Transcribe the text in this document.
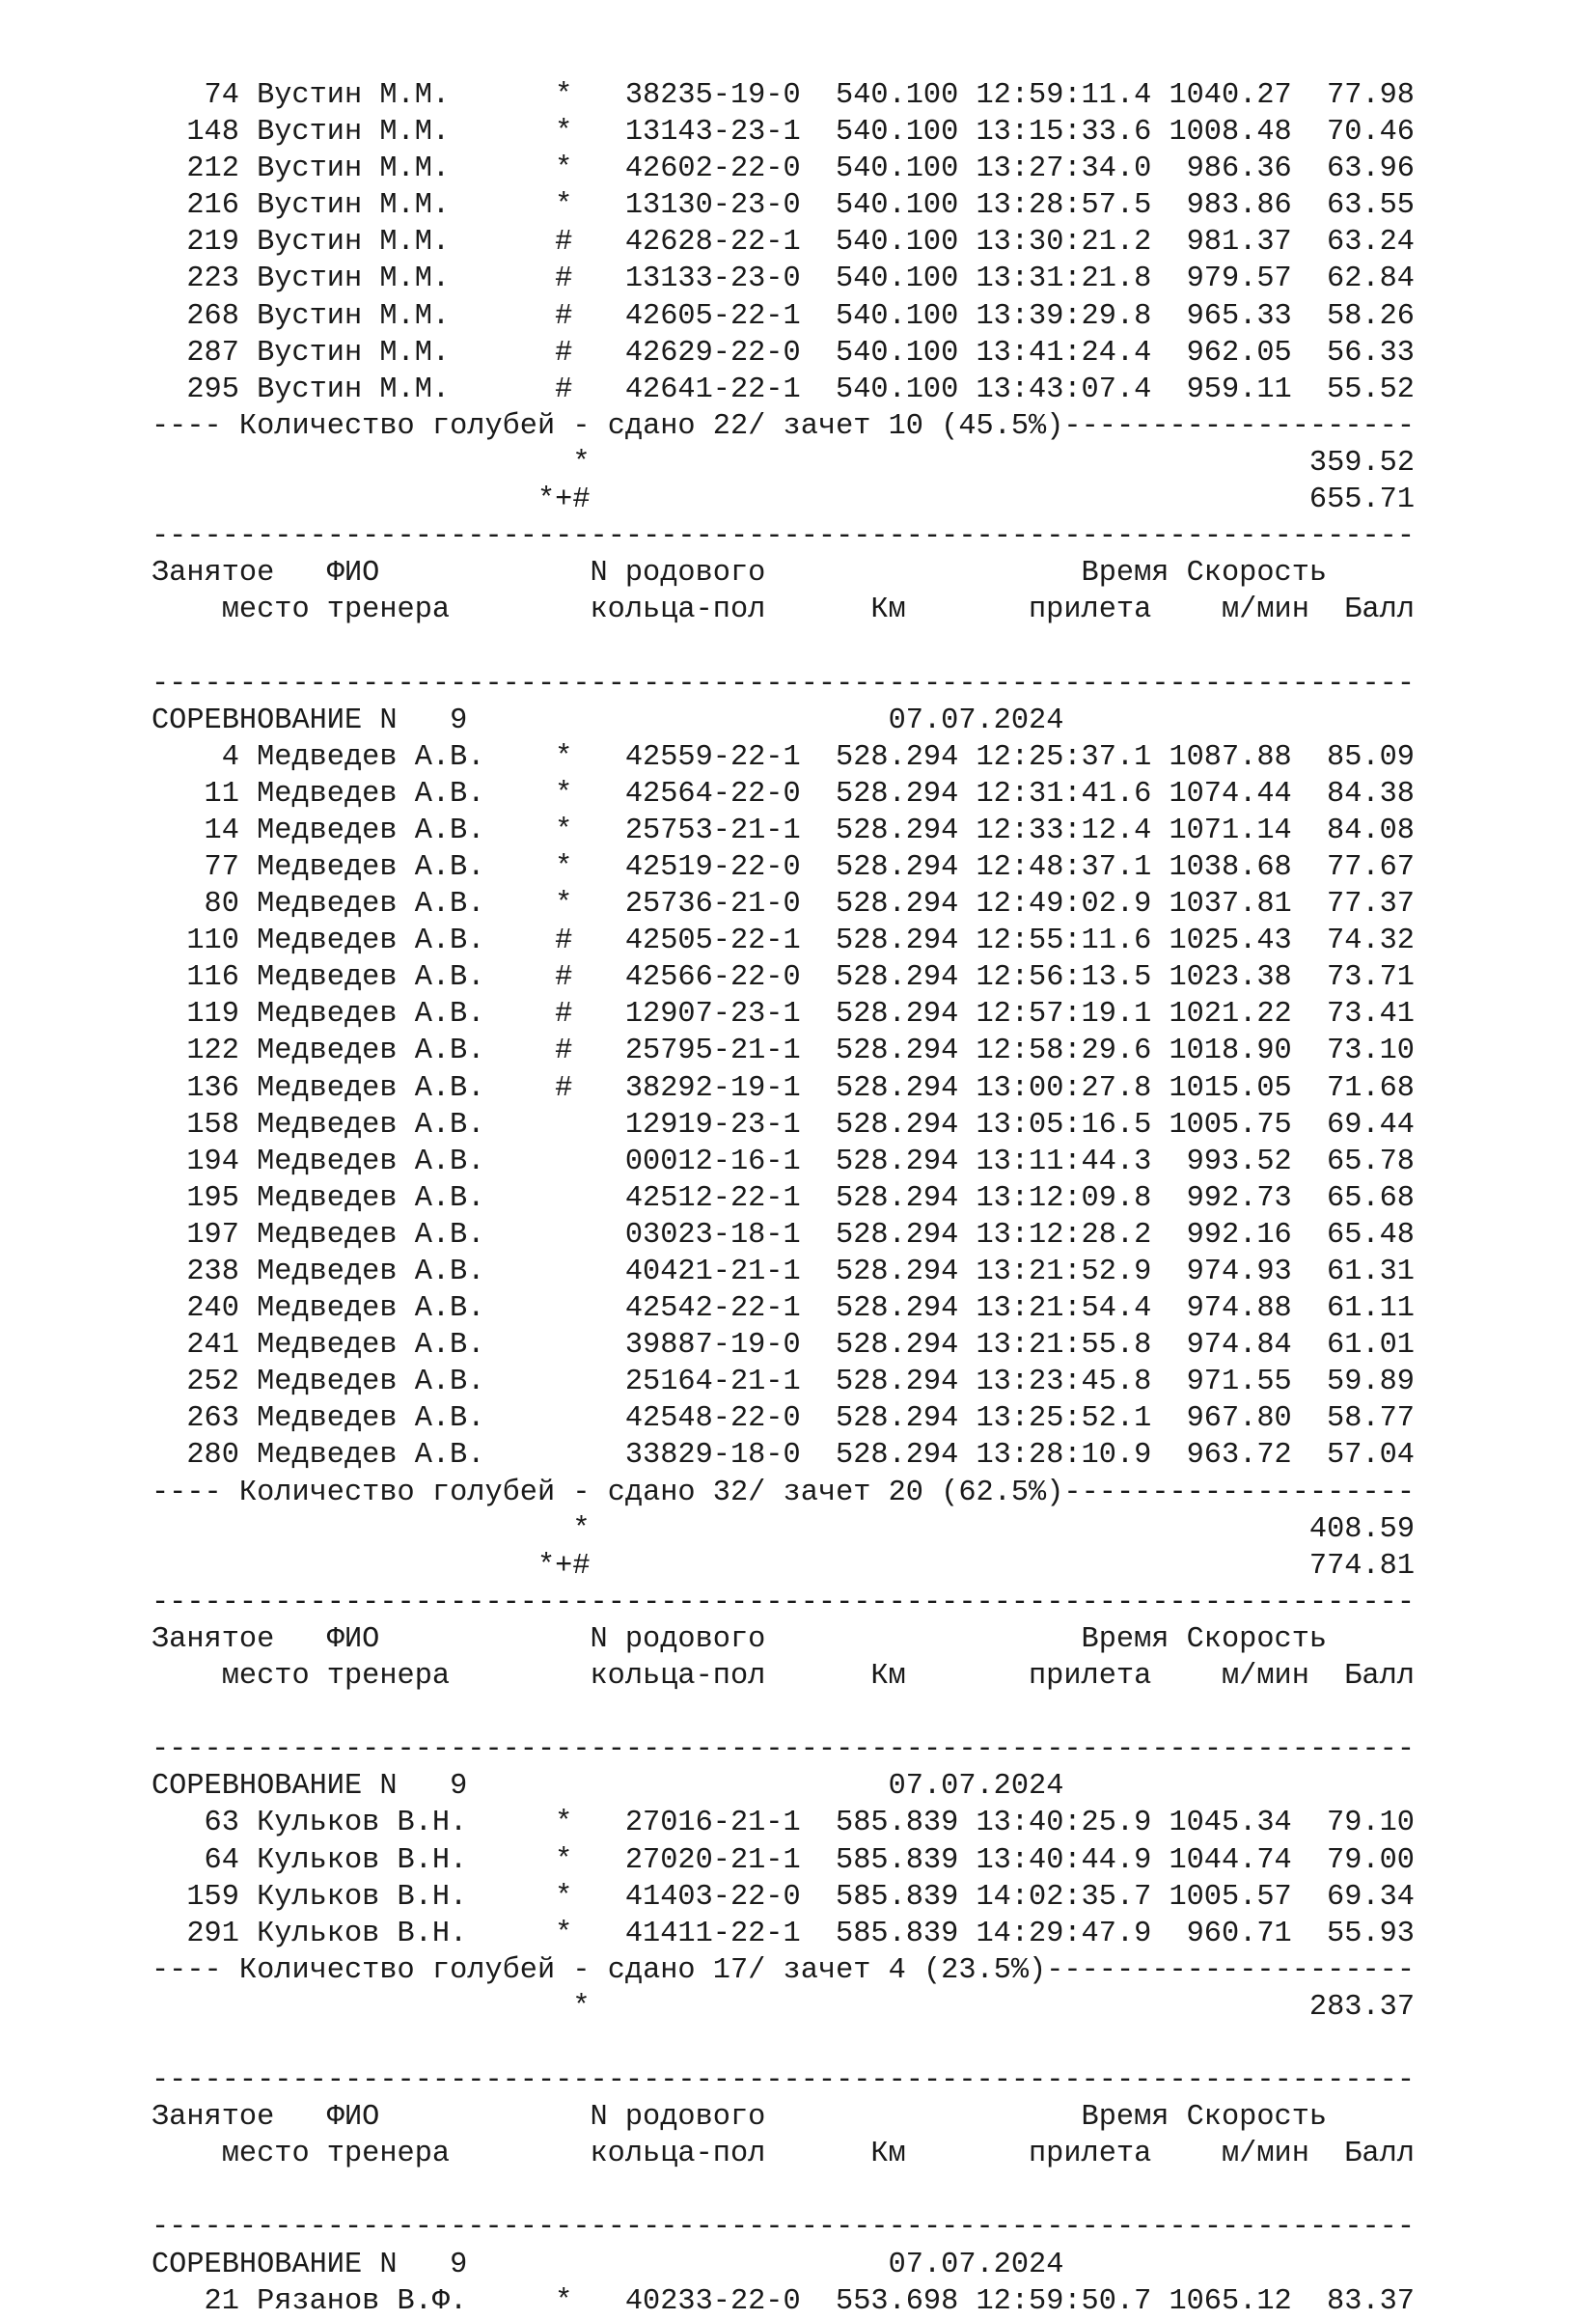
74 Вустин М.М.	* 38235-19-0 540.100 12:59:11.4 1040.27 77.98
148 Вустин М.М.	* 13143-23-1 540.100 13:15:33.6 1008.48 70.46
212 Вустин М.М.	* 42602-22-0 540.100 13:27:34.0 986.36 63.96
216 Вустин М.М.	* 13130-23-0 540.100 13:28:57.5 983.86 63.55
219 Вустин М.М.	# 42628-22-1 540.100 13:30:21.2 981.37 63.24
223 Вустин М.М.	# 13133-23-0 540.100 13:31:21.8 979.57 62.84
268 Вустин М.М.	# 42605-22-1 540.100 13:39:29.8 965.33 58.26
287 Вустин М.М.	# 42629-22-0 540.100 13:41:24.4 962.05 56.33
295 Вустин М.М.	# 42641-22-1 540.100 13:43:07.4 959.11 55.52
---- Количество голубей - сдано 22/ зачет 10 (45.5%)--------------------
*	359.52
*+#	655.71
------------------------------------------------------------------------
Занятое ФИО	N родового	Время Скорость
место тренера	кольца-пол	Км	прилета м/мин Балл
------------------------------------------------------------------------
СОРЕВНОВАНИЕ N   9	07.07.2024
4 Медведев А.В. * 42559-22-1 528.294 12:25:37.1 1087.88 85.09
11 Медведев А.В. * 42564-22-0 528.294 12:31:41.6 1074.44 84.38
14 Медведев А.В. * 25753-21-1 528.294 12:33:12.4 1071.14 84.08
77 Медведев А.В. * 42519-22-0 528.294 12:48:37.1 1038.68 77.67
80 Медведев А.В. * 25736-21-0 528.294 12:49:02.9 1037.81 77.37
110 Медведев А.В. # 42505-22-1 528.294 12:55:11.6 1025.43 74.32
116 Медведев А.В. # 42566-22-0 528.294 12:56:13.5 1023.38 73.71
119 Медведев А.В. # 12907-23-1 528.294 12:57:19.1 1021.22 73.41
122 Медведев А.В. # 25795-21-1 528.294 12:58:29.6 1018.90 73.10
136 Медведев А.В. # 38292-19-1 528.294 13:00:27.8 1015.05 71.68
158 Медведев А.В.	12919-23-1 528.294 13:05:16.5 1005.75 69.44
194 Медведев А.В.	00012-16-1 528.294 13:11:44.3 993.52 65.78
195 Медведев А.В.	42512-22-1 528.294 13:12:09.8 992.73 65.68
197 Медведев А.В.	03023-18-1 528.294 13:12:28.2 992.16 65.48
238 Медведев А.В.	40421-21-1 528.294 13:21:52.9 974.93 61.31
240 Медведев А.В.	42542-22-1 528.294 13:21:54.4 974.88 61.11
241 Медведев А.В.	39887-19-0 528.294 13:21:55.8 974.84 61.01
252 Медведев А.В.	25164-21-1 528.294 13:23:45.8 971.55 59.89
263 Медведев А.В.	42548-22-0 528.294 13:25:52.1 967.80 58.77
280 Медведев А.В.	33829-18-0 528.294 13:28:10.9 963.72 57.04
---- Количество голубей - сдано 32/ зачет 20 (62.5%)--------------------
*	408.59
*+#	774.81
------------------------------------------------------------------------
Занятое ФИО	N родового	Время Скорость
место тренера	кольца-пол	Км	прилета м/мин Балл
------------------------------------------------------------------------
СОРЕВНОВАНИЕ N   9	07.07.2024
63 Кульков В.Н.	* 27016-21-1 585.839 13:40:25.9 1045.34 79.10
64 Кульков В.Н.	* 27020-21-1 585.839 13:40:44.9 1044.74 79.00
159 Кульков В.Н.	* 41403-22-0 585.839 14:02:35.7 1005.57 69.34
291 Кульков В.Н.	* 41411-22-1 585.839 14:29:47.9 960.71 55.93
---- Количество голубей - сдано 17/ зачет 4 (23.5%)---------------------
*	283.37
------------------------------------------------------------------------
Занятое ФИО	N родового	Время Скорость
место тренера	кольца-пол	Км	прилета м/мин Балл
------------------------------------------------------------------------
СОРЕВНОВАНИЕ N   9	07.07.2024
21 Рязанов В.Ф.	* 40233-22-0 553.698 12:59:50.7 1065.12 83.37
